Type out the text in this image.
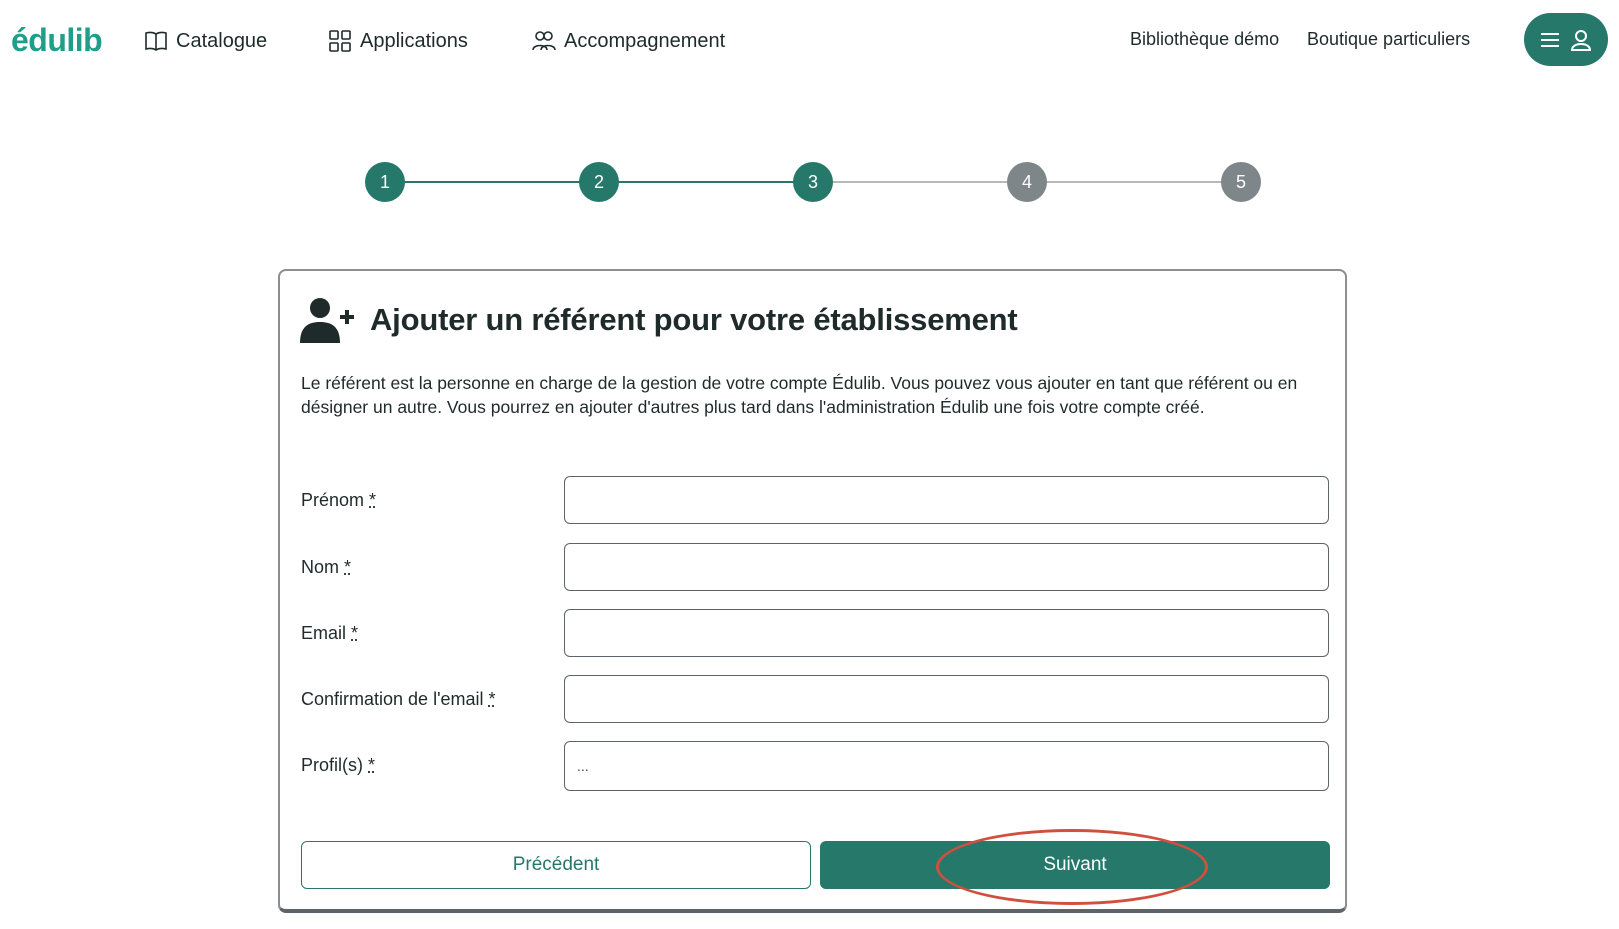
édulib	Catalogue	Applications	Accompagnement	Bibliothèque démo Boutique particuliers
1	2	3	4	5
Ajouter un référent pour votre établissement
Le référent est la personne en charge de la gestion de votre compte Édulib. Vous pouvez vous ajouter en tant que référent ou en désigner un autre. Vous pourrez en ajouter d'autres plus tard dans l'administration Édulib une fois votre compte créé.
Prénom *
Nom *
Email *
Confirmation de l'email *
Profil(s) *	...
Précédent	Suivant
